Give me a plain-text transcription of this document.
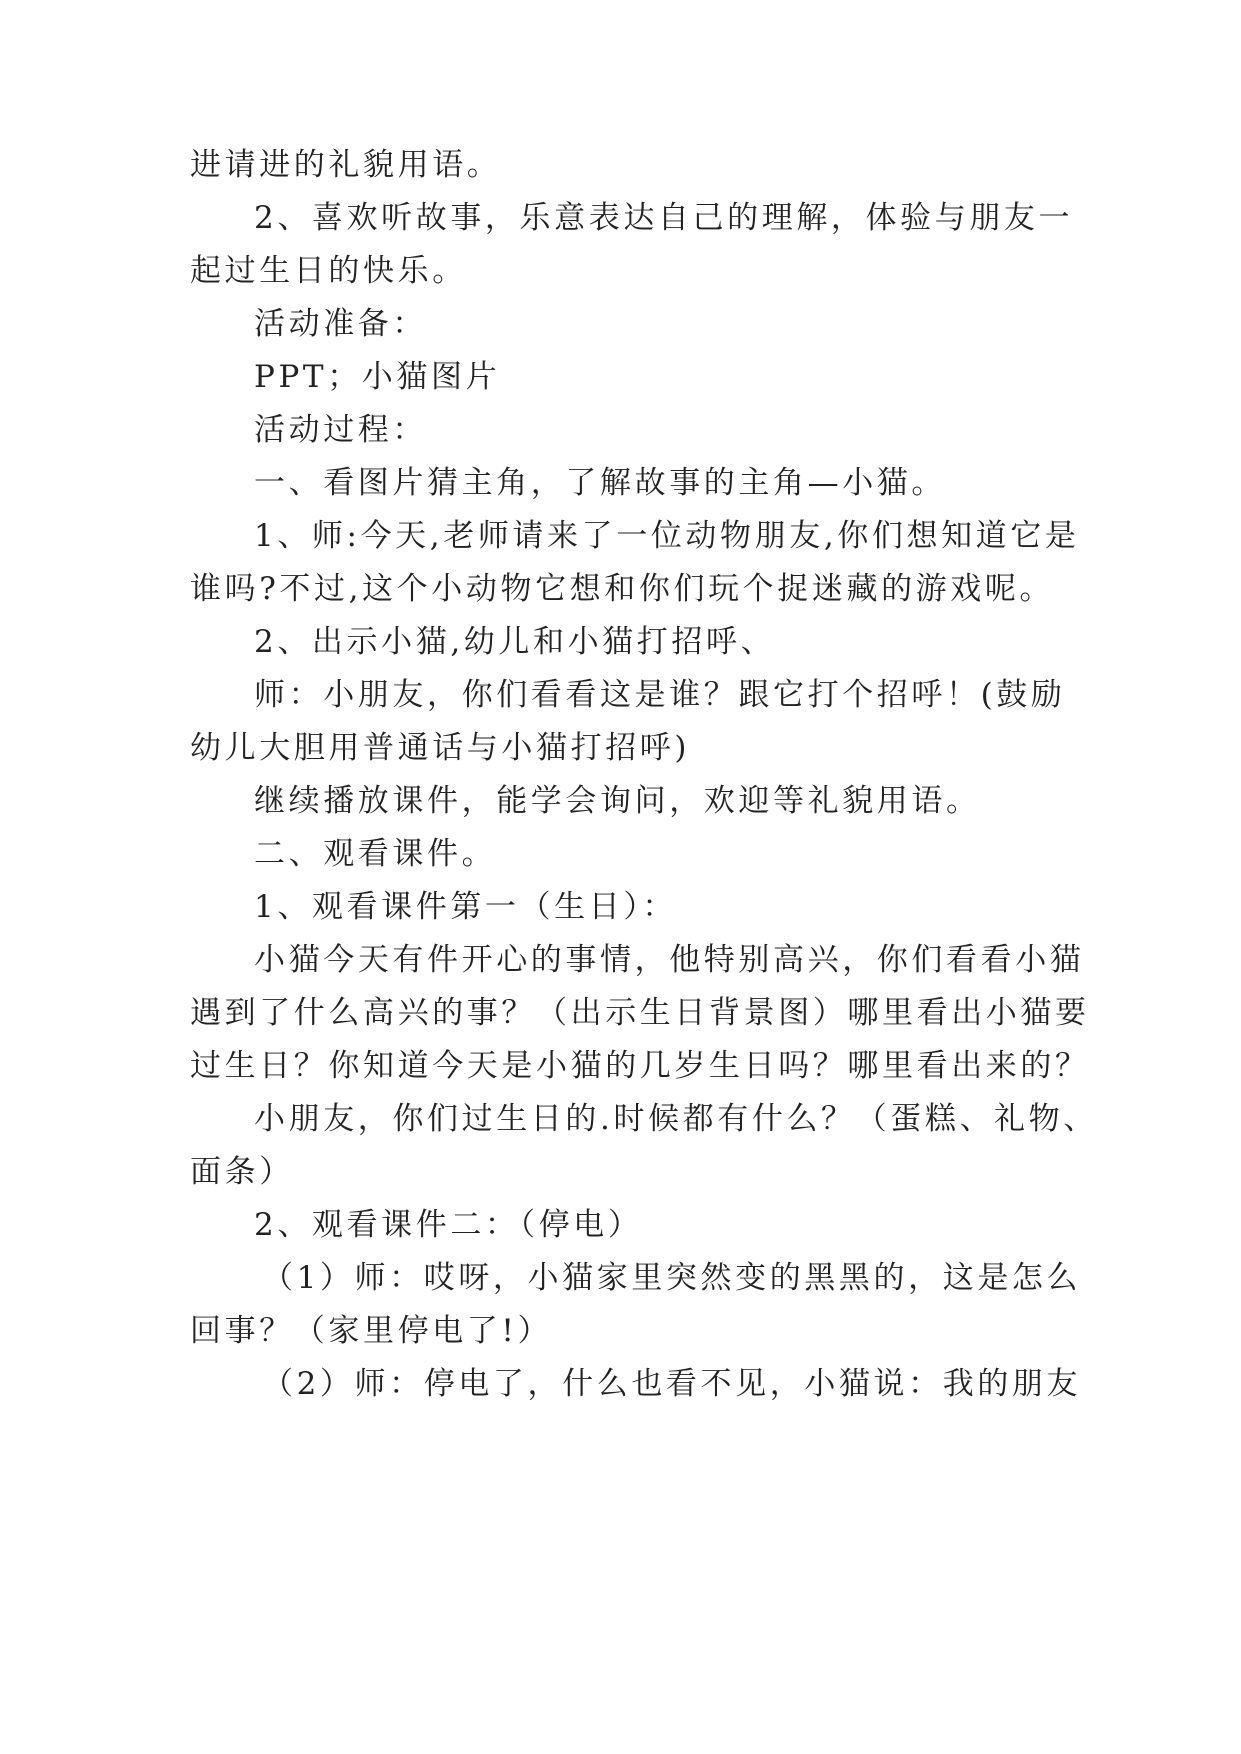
进请进的礼貌用语。
2、喜欢听故事，乐意表达自己的理解，体验与朋友一
起过生日的快乐。
活动准备：
PPT；小猫图片
活动过程：
一、看图片猜主角，了解故事的主角—小猫。
1、师:今天,老师请来了一位动物朋友,你们想知道它是
谁吗?不过,这个小动物它想和你们玩个捉迷藏的游戏呢。
2、出示小猫,幼儿和小猫打招呼、
师：小朋友，你们看看这是谁？跟它打个招呼！(鼓励
幼儿大胆用普通话与小猫打招呼)
继续播放课件，能学会询问，欢迎等礼貌用语。
二、观看课件。
1、观看课件第一（生日）：
小猫今天有件开心的事情，他特别高兴，你们看看小猫
遇到了什么高兴的事？（出示生日背景图）哪里看出小猫要
过生日？你知道今天是小猫的几岁生日吗？哪里看出来的？
小朋友，你们过生日的.时候都有什么？（蛋糕、礼物、
面条）
2、观看课件二：（停电）
（1）师：哎呀，小猫家里突然变的黑黑的，这是怎么
回事？（家里停电了!）
（2）师：停电了，什么也看不见，小猫说：我的朋友
